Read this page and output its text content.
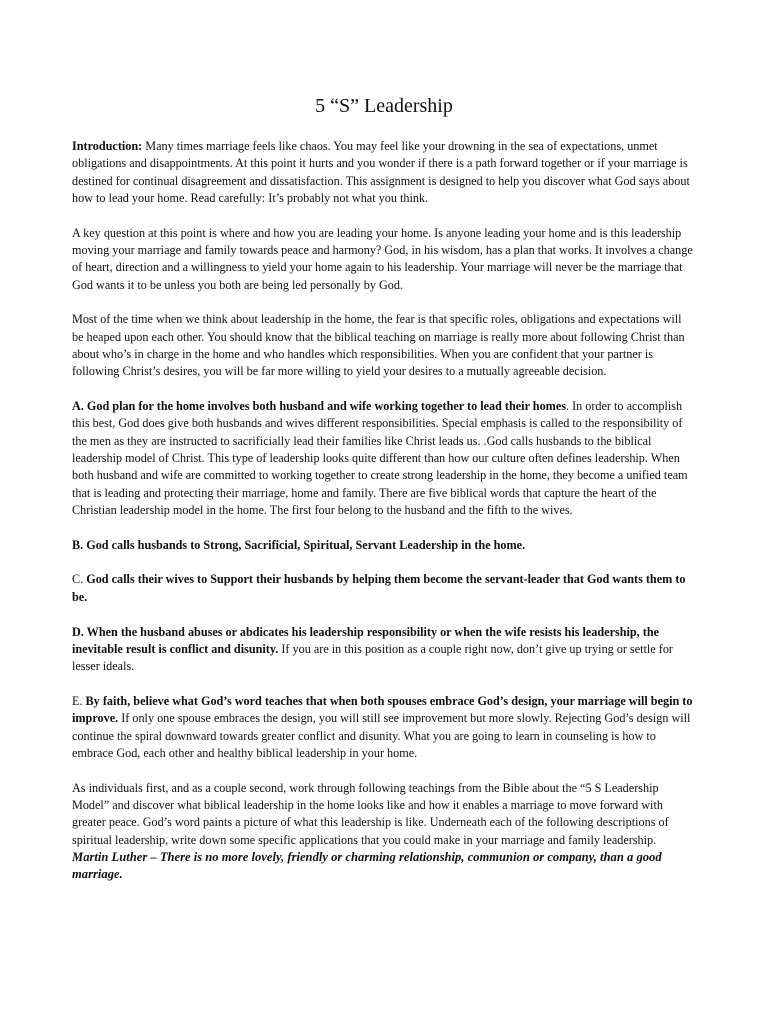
5 “S” Leadership

Introduction: Many times marriage feels like chaos. You may feel like your drowning in the sea of expectations, unmet obligations and disappointments. At this point it hurts and you wonder if there is a path forward together or if your marriage is destined for continual disagreement and dissatisfaction. This assignment is designed to help you discover what God says about how to lead your home. Read carefully: It’s probably not what you think.

A key question at this point is where and how you are leading your home. Is anyone leading your home and is this leadership moving your marriage and family towards peace and harmony? God, in his wisdom, has a plan that works. It involves a change of heart, direction and a willingness to yield your home again to his leadership. Your marriage will never be the marriage that God wants it to be unless you both are being led personally by God.

Most of the time when we think about leadership in the home, the fear is that specific roles, obligations and expectations will be heaped upon each other. You should know that the biblical teaching on marriage is really more about following Christ than about who’s in charge in the home and who handles which responsibilities. When you are confident that your partner is following Christ’s desires, you will be far more willing to yield your desires to a mutually agreeable decision.

A. God plan for the home involves both husband and wife working together to lead their homes. In order to accomplish this best, God does give both husbands and wives different responsibilities. Special emphasis is called to the responsibility of the men as they are instructed to sacrificially lead their families like Christ leads us. .God calls husbands to the biblical leadership model of Christ. This type of leadership looks quite different than how our culture often defines leadership. When both husband and wife are committed to working together to create strong leadership in the home, they become a unified team that is leading and protecting their marriage, home and family. There are five biblical words that capture the heart of the Christian leadership model in the home. The first four belong to the husband and the fifth to the wives.

B. God calls husbands to Strong, Sacrificial, Spiritual, Servant Leadership in the home.

C. God calls their wives to Support their husbands by helping them become the servant-leader that God wants them to be.

D. When the husband abuses or abdicates his leadership responsibility or when the wife resists his leadership, the inevitable result is conflict and disunity. If you are in this position as a couple right now, don’t give up trying or settle for lesser ideals.

E. By faith, believe what God’s word teaches that when both spouses embrace God’s design, your marriage will begin to improve. If only one spouse embraces the design, you will still see improvement but more slowly. Rejecting God’s design will continue the spiral downward towards greater conflict and disunity. What you are going to learn in counseling is how to embrace God, each other and healthy biblical leadership in your home.

As individuals first, and as a couple second, work through following teachings from the Bible about the “5 S Leadership Model” and discover what biblical leadership in the home looks like and how it enables a marriage to move forward with greater peace. God’s word paints a picture of what this leadership is like. Underneath each of the following descriptions of spiritual leadership, write down some specific applications that you could make in your marriage and family leadership.

Martin Luther – There is no more lovely, friendly or charming relationship, communion or company, than a good marriage.
